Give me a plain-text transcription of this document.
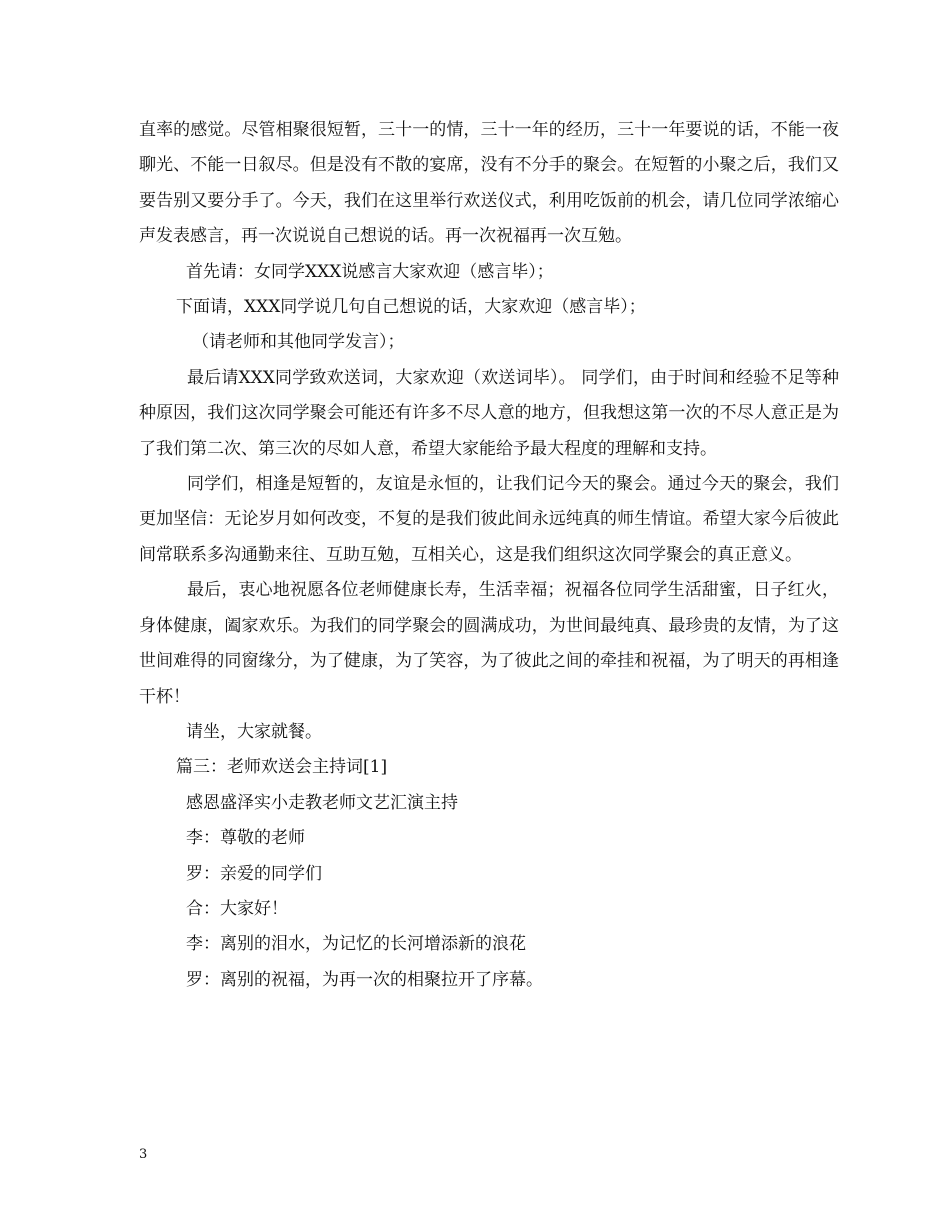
直率的感觉。尽管相聚很短暂，三十一的情，三十一年的经历，三十一年要说的话，不能一夜聊光、不能一日叙尽。但是没有不散的宴席，没有不分手的聚会。在短暂的小聚之后，我们又要告别又要分手了。今天，我们在这里举行欢送仪式，利用吃饭前的机会，请几位同学浓缩心声发表感言，再一次说说自己想说的话。再一次祝福再一次互勉。

首先请：女同学XXX说感言大家欢迎（感言毕）；

下面请，XXX同学说几句自己想说的话，大家欢迎（感言毕）；

（请老师和其他同学发言）；

最后请XXX同学致欢送词，大家欢迎（欢送词毕）。 同学们，由于时间和经验不足等种种原因，我们这次同学聚会可能还有许多不尽人意的地方，但我想这第一次的不尽人意正是为了我们第二次、第三次的尽如人意，希望大家能给予最大程度的理解和支持。

同学们，相逢是短暂的，友谊是永恒的，让我们记今天的聚会。通过今天的聚会，我们更加坚信：无论岁月如何改变，不复的是我们彼此间永远纯真的师生情谊。希望大家今后彼此间常联系多沟通勤来往、互助互勉，互相关心，这是我们组织这次同学聚会的真正意义。

最后，衷心地祝愿各位老师健康长寿，生活幸福；祝福各位同学生活甜蜜，日子红火，身体健康，阖家欢乐。为我们的同学聚会的圆满成功，为世间最纯真、最珍贵的友情，为了这世间难得的同窗缘分，为了健康，为了笑容，为了彼此之间的牵挂和祝福，为了明天的再相逢干杯！

请坐，大家就餐。

篇三：老师欢送会主持词[1]

感恩盛泽实小走教老师文艺汇演主持

李：尊敬的老师

罗：亲爱的同学们

合：大家好！

李：离别的泪水，为记忆的长河增添新的浪花

罗：离别的祝福，为再一次的相聚拉开了序幕。

3
